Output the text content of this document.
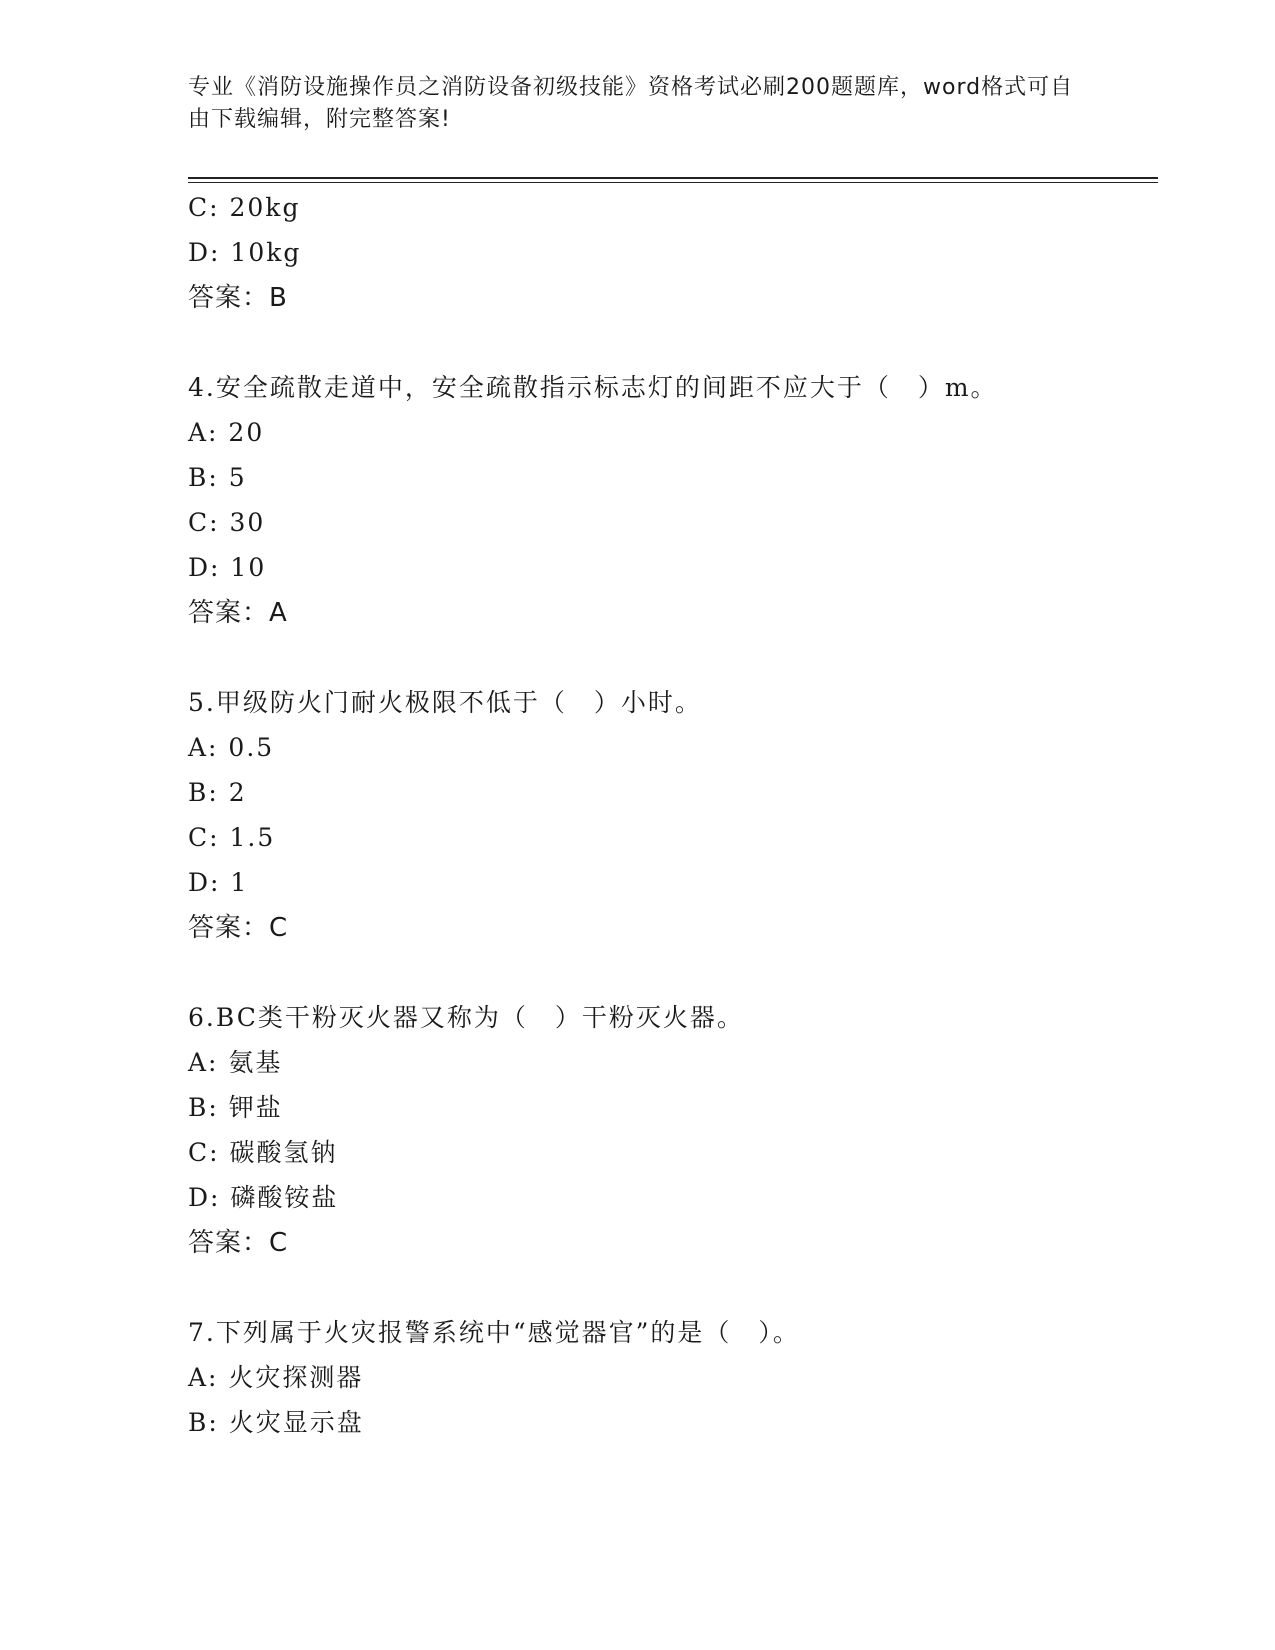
专业《消防设施操作员之消防设备初级技能》资格考试必刷200题题库，word格式可自由下载编辑，附完整答案!

C: 20kg

D: 10kg

答案：B

4.安全疏散走道中，安全疏散指示标志灯的间距不应大于（　）m。

A: 20

B: 5

C: 30

D: 10

答案：A

5.甲级防火门耐火极限不低于（　）小时。

A: 0.5

B: 2

C: 1.5

D: 1

答案：C

6.BC类干粉灭火器又称为（　）干粉灭火器。

A: 氨基

B: 钾盐

C: 碳酸氢钠

D: 磷酸铵盐

答案：C

7.下列属于火灾报警系统中“感觉器官”的是（　）。

A: 火灾探测器

B: 火灾显示盘
